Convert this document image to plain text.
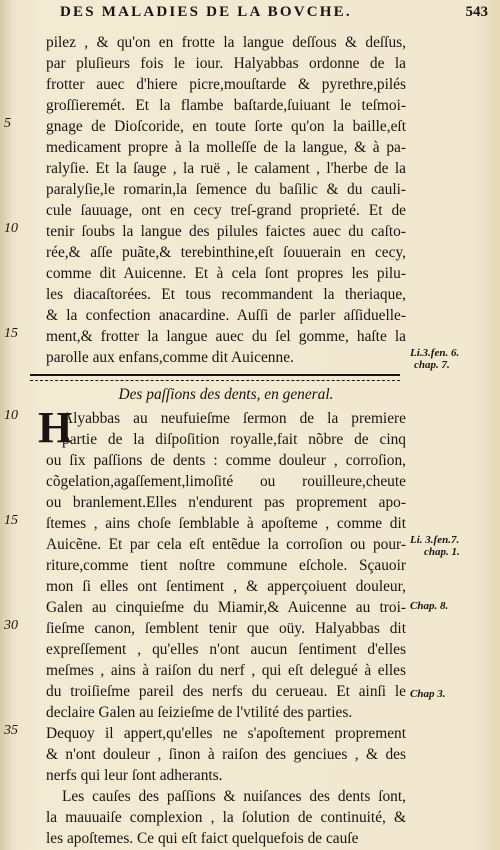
DES MALADIES DE LA BOVCHE.	543
pilez , & qu'on en frotte la langue deſſous & deſſus,
par pluſieurs fois le iour. Halyabbas ordonne de la
frotter auec d'hiere picre,mouſtarde & pyrethre,pilés
groſſieremét. Et la flambe baſtarde,ſuiuant le teſmoi-
gnage de Dioſcoride, en toute ſorte qu'on la baille,eſt
medicament propre à la molleſſe de la langue, & à pa-
ralyſie. Et la ſauge , la ruë , le calament , l'herbe de la
paralyſie,le romarin,la ſemence du baſilic & du cauli-
cule ſauuage, ont en cecy treſ-grand proprieté. Et de
tenir ſoubs la langue des pilules faictes auec du caſto-
rée,& aſſe puãte,& terebinthine,eſt ſouuerain en cecy,
comme dit Auicenne. Et à cela ſont propres les pilu-
les diacaſtorées. Et tous recommandent la theriaque,
& la confection anacardine. Auſſi de parler aſſiduelle-
ment,& frotter la langue auec du ſel gomme, haſte la
parolle aux enfans,comme dit Auicenne.
5
10
15
Li.3.fen. 6.
chap. 7.
Des paſſions des dents, en general.
H
Alyabbas au neufuieſme ſermon de la premiere
partie de la diſpoſition royalle,fait nõbre de cinq
ou ſix paſſions de dents : comme douleur , corroſion,
cõgelation,agaſſement,limoſité ou rouilleure,cheute
ou branlement.Elles n'endurent pas proprement apo-
ſtemes , ains choſe ſemblable à apoſteme , comme dit
Auicẽne. Et par cela eſt entẽdue la corroſion ou pour-
riture,comme tient noſtre commune eſchole. Sçauoir
mon ſi elles ont ſentiment , & apperçoiuent douleur,
Galen au cinquieſme du Miamir,& Auicenne au troi-
ſieſme canon, ſemblent tenir que oüy. Halyabbas dit
expreſſement , qu'elles n'ont aucun ſentiment d'elles
meſmes , ains à raiſon du nerf , qui eſt delegué à elles
du troiſieſme pareil des nerfs du cerueau. Et ainſi le
declaire Galen au ſeizieſme de l'vtilité des parties.
Dequoy il appert,qu'elles ne s'apoſtement proprement
& n'ont douleur , ſinon à raiſon des genciues , & des
nerfs qui leur ſont adherants.
Les cauſes des paſſions & nuiſances des dents ſont,
la mauuaiſe complexion , la ſolution de continuité, &
les apoſtemes. Ce qui eſt faict quelquefois de cauſe
10
15
30
35
Li. 3.fen.7.
chap. 1.
Chap. 8.
Chap 3.
